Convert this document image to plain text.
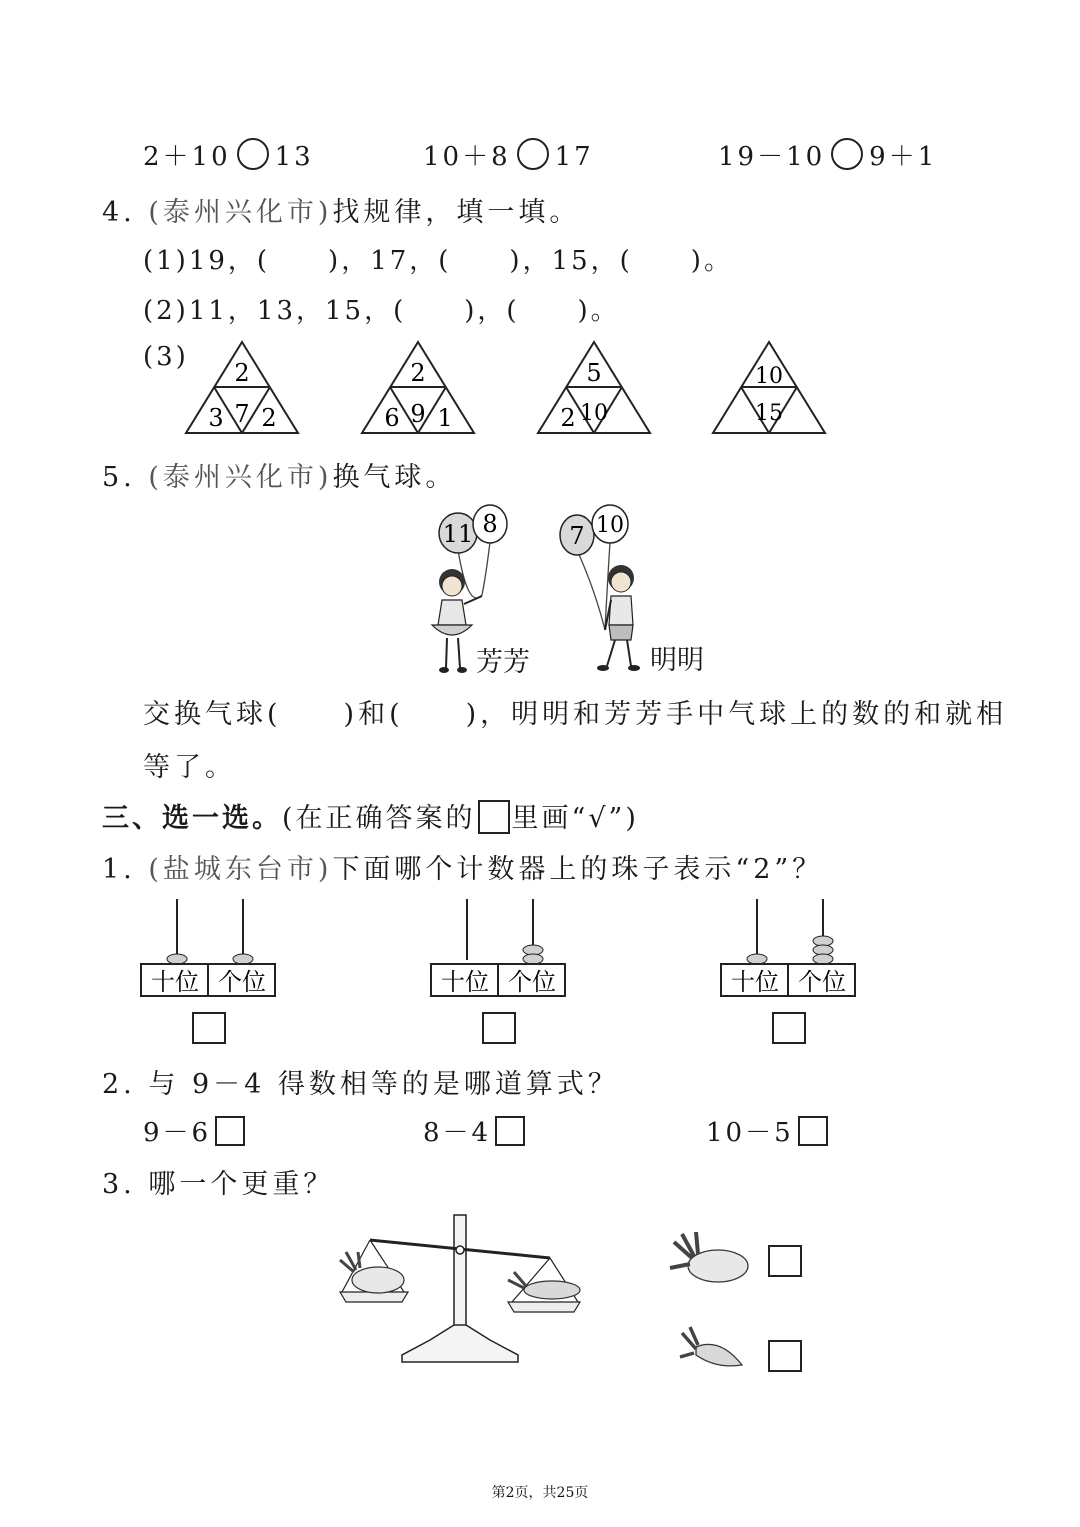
2＋10 13	10＋8 17	19－10 9＋1
4. (泰州兴化市)找规律，填一填。
(1)19，(　　)，17，(　　)，15，(　　)。
(2)11，13，15，(　　)，(　　)。
(3)
2
7
3 2
2
9
6 1
5
10
2
10
15
5. (泰州兴化市)换气球。
11 8
芳芳
7 10
明明
交换气球(　　)和(　　)，明明和芳芳手中气球上的数的和就相
等了。
三、选一选。(在正确答案的 里画“√”)
1. (盐城东台市)下面哪个计数器上的珠子表示“2”？
十位 个位	十位 个位	十位 个位
2. 与 9－4 得数相等的是哪道算式？
9－6	8－4	10－5
3. 哪一个更重？
第2页，共25页
